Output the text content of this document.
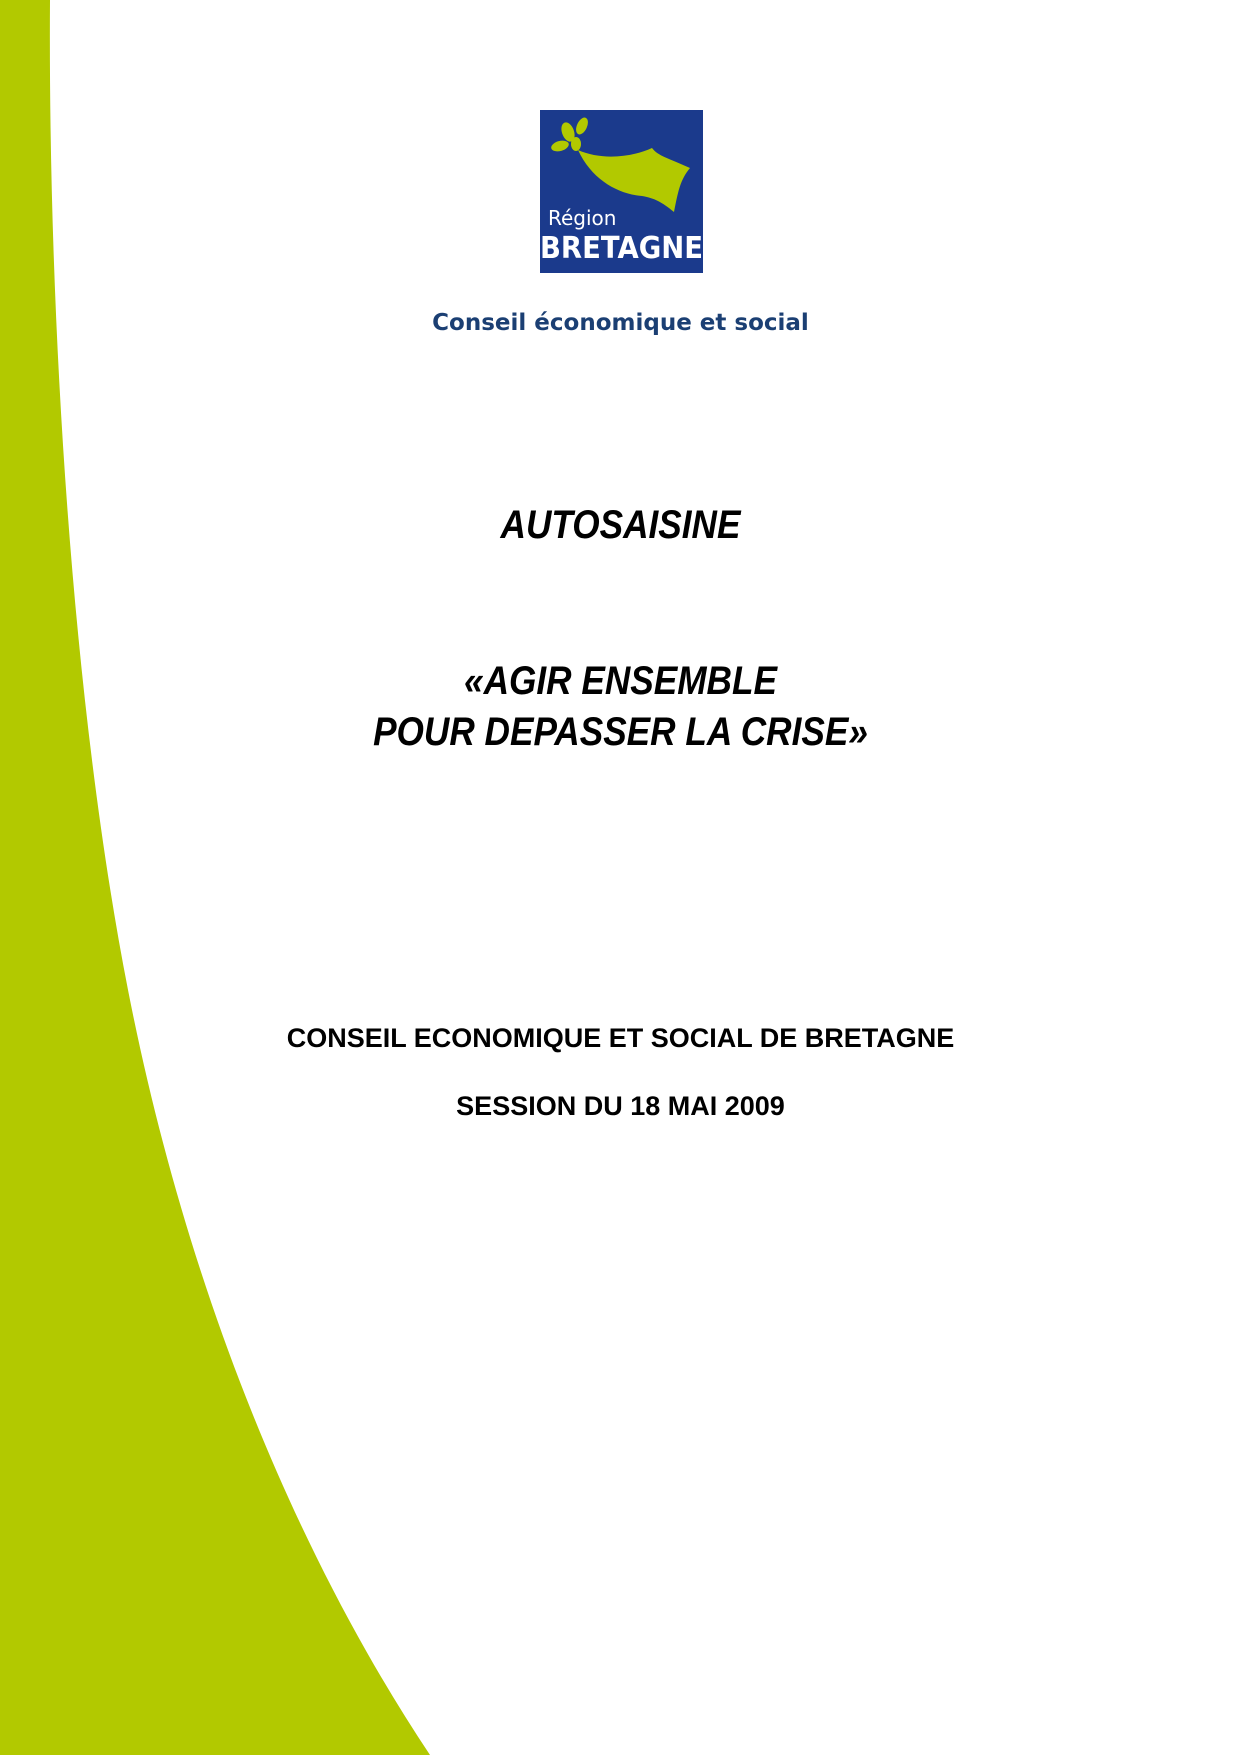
Région
BRETAGNE
Conseil économique et social
AUTOSAISINE
«AGIR ENSEMBLE
POUR DEPASSER LA CRISE»
CONSEIL ECONOMIQUE ET SOCIAL DE BRETAGNE
SESSION DU 18 MAI 2009
